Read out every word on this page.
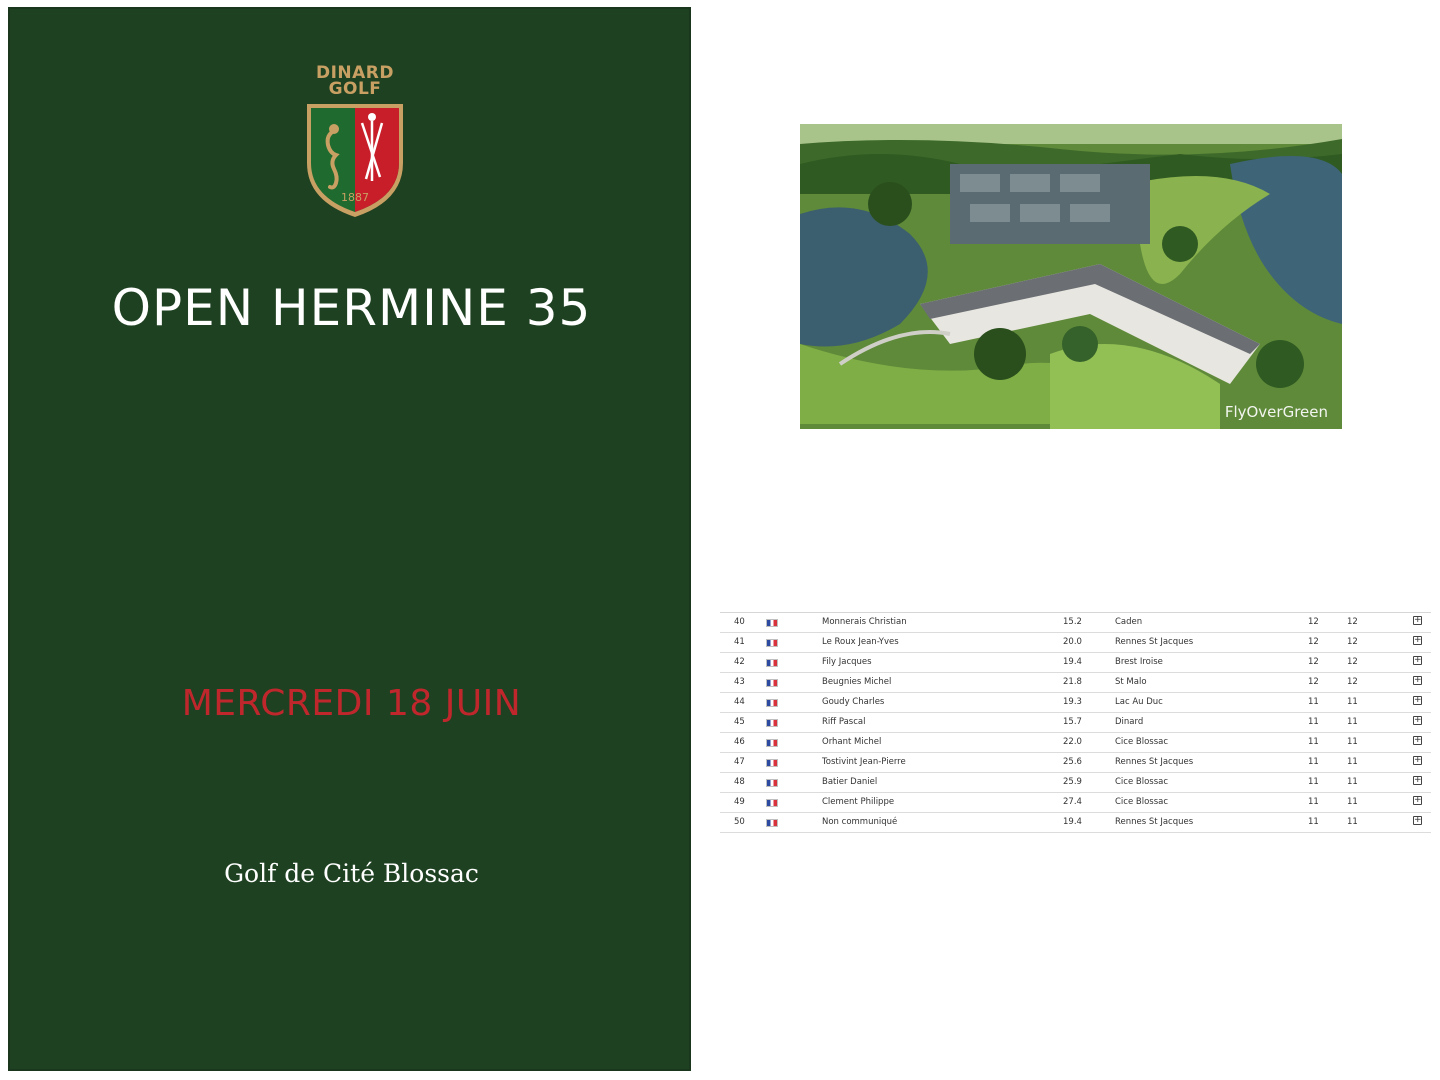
DINARD
GOLF
1887
OPEN HERMINE 35
MERCREDI 18 JUIN
Golf de Cité Blossac
FlyOverGreen
40	Monnerais Christian	15.2	Caden	12	12	+
41	Le Roux Jean-Yves	20.0	Rennes St Jacques	12	12	+
42	Fily Jacques	19.4	Brest Iroise	12	12	+
43	Beugnies Michel	21.8	St Malo	12	12	+
44	Goudy Charles	19.3	Lac Au Duc	11	11	+
45	Riff Pascal	15.7	Dinard	11	11	+
46	Orhant Michel	22.0	Cice Blossac	11	11	+
47	Tostivint Jean-Pierre	25.6	Rennes St Jacques	11	11	+
48	Batier Daniel	25.9	Cice Blossac	11	11	+
49	Clement Philippe	27.4	Cice Blossac	11	11	+
50	Non communiqué	19.4	Rennes St Jacques	11	11	+
